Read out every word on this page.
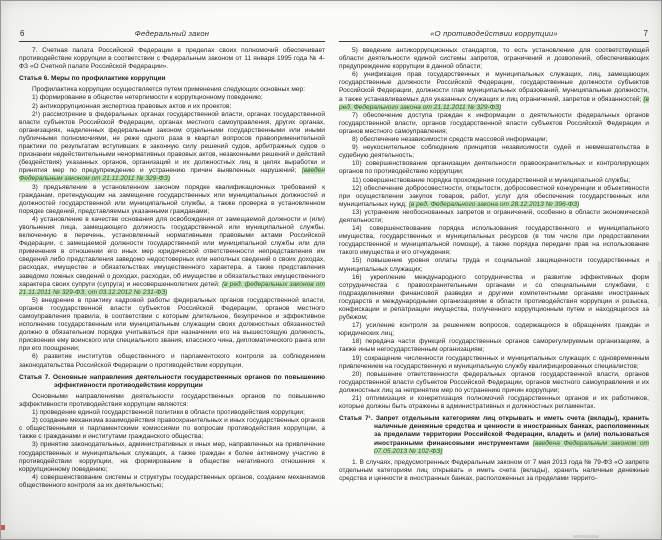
6	Федеральный закон

7. Счетная палата Российской Федерации в пределах своих полномочий обеспечивает противодействие коррупции в соответствии с Федеральным законом от 11 января 1995 года № 4-ФЗ «О Счетной палате Российской Федерации».

Статья 6. Меры по профилактике коррупции

Профилактика коррупции осуществляется путем применения следующих основных мер:

1) формирование в обществе нетерпимости к коррупционному поведению;

2) антикоррупционная экспертиза правовых актов и их проектов;

2¹) рассмотрение в федеральных органах государственной власти, органах государственной власти субъектов Российской Федерации, органах местного самоуправления, других органах, организациях, наделенных федеральным законом отдельными государственными или иными публичными полномочиями, не реже одного раза в квартал вопросов правоприменительной практики по результатам вступивших в законную силу решений судов, арбитражных судов о признании недействительными ненормативных правовых актов, незаконными решений и действий (бездействия) указанных органов, организаций и их должностных лиц в целях выработки и принятия мер по предупреждению и устранению причин выявленных нарушений; (введен Федеральным законом от 21.11.2011 № 329-ФЗ)

3) предъявление в установленном законом порядке квалификационных требований к гражданам, претендующим на замещение государственных или муниципальных должностей и должностей государственной или муниципальной службы, а также проверка в установленном порядке сведений, представляемых указанными гражданами;

4) установление в качестве основания для освобождения от замещаемой должности и (или) увольнения лица, замещающего должность государственной или муниципальной службы, включенную в перечень, установленный нормативными правовыми актами Российской Федерации, с замещаемой должности государственной или муниципальной службы или для применения в отношении его иных мер юридической ответственности непредставления им сведений либо представления заведомо недостоверных или неполных сведений о своих доходах, расходах, имуществе и обязательствах имущественного характера, а также представления заведомо ложных сведений о доходах, расходах, об имуществе и обязательствах имущественного характера своих супруги (супруга) и несовершеннолетних детей; (в ред. федеральных законов от 21.11.2011 № 329-ФЗ, от 03.12.2012 № 231-ФЗ)

5) внедрение в практику кадровой работы федеральных органов государственной власти, органов государственной власти субъектов Российской Федерации, органов местного самоуправления правила, в соответствии с которым длительное, безупречное и эффективное исполнение государственным или муниципальным служащим своих должностных обязанностей должно в обязательном порядке учитываться при назначении его на вышестоящую должность, присвоении ему воинского или специального звания, классного чина, дипломатического ранга или при его поощрении;

6) развитие институтов общественного и парламентского контроля за соблюдением законодательства Российской Федерации о противодействии коррупции.

Статья 7. Основные направления деятельности государственных органов по повышению эффективности противодействия коррупции

Основными направлениями деятельности государственных органов по повышению эффективности противодействия коррупции являются:

1) проведение единой государственной политики в области противодействия коррупции;

2) создание механизма взаимодействия правоохранительных и иных государственных органов с общественными и парламентскими комиссиями по вопросам противодействия коррупции, а также с гражданами и институтами гражданского общества;

3) принятие законодательных, административных и иных мер, направленных на привлечение государственных и муниципальных служащих, а также граждан к более активному участию в противодействии коррупции, на формирование в обществе негативного отношения к коррупционному поведению;

4) совершенствование системы и структуры государственных органов, создание механизмов общественного контроля за их деятельностью;

«О противодействии коррупции»	7

5) введение антикоррупционных стандартов, то есть установление для соответствующей области деятельности единой системы запретов, ограничений и дозволений, обеспечивающих предупреждение коррупции в данной области;

6) унификация прав государственных и муниципальных служащих, лиц, замещающих государственные должности Российской Федерации, государственные должности субъектов Российской Федерации, должности глав муниципальных образований, муниципальные должности, а также устанавливаемых для указанных служащих и лиц ограничений, запретов и обязанностей; (в ред. Федерального закона от 21.11.2011 № 329-ФЗ)

7) обеспечение доступа граждан к информации о деятельности федеральных органов государственной власти, органов государственной власти субъектов Российской Федерации и органов местного самоуправления;

8) обеспечение независимости средств массовой информации;

9) неукоснительное соблюдение принципов независимости судей и невмешательства в судебную деятельность;

10) совершенствование организации деятельности правоохранительных и контролирующих органов по противодействию коррупции;

11) совершенствование порядка прохождения государственной и муниципальной службы;

12) обеспечение добросовестности, открытости, добросовестной конкуренции и объективности при осуществлении закупок товаров, работ, услуг для обеспечения государственных или муниципальных нужд; (в ред. Федерального закона от 28.12.2013 № 396-ФЗ)

13) устранение необоснованных запретов и ограничений, особенно в области экономической деятельности;

14) совершенствование порядка использования государственного и муниципального имущества, государственных и муниципальных ресурсов (в том числе при предоставлении государственной и муниципальной помощи), а также порядка передачи прав на использование такого имущества и его отчуждения;

15) повышение уровня оплаты труда и социальной защищенности государственных и муниципальных служащих;

16) укрепление международного сотрудничества и развитие эффективных форм сотрудничества с правоохранительными органами и со специальными службами, с подразделениями финансовой разведки и другими компетентными органами иностранных государств и международными организациями в области противодействия коррупции и розыска, конфискации и репатриации имущества, полученного коррупционным путем и находящегося за рубежом;

17) усиление контроля за решением вопросов, содержащихся в обращениях граждан и юридических лиц;

18) передача части функций государственных органов саморегулируемым организациям, а также иным негосударственным организациям;

19) сокращение численности государственных и муниципальных служащих с одновременным привлечением на государственную и муниципальную службу квалифицированных специалистов;

20) повышение ответственности федеральных органов государственной власти, органов государственной власти субъектов Российской Федерации, органов местного самоуправления и их должностных лиц за непринятие мер по устранению причин коррупции;

21) оптимизация и конкретизация полномочий государственных органов и их работников, которые должны быть отражены в административных и должностных регламентах.

Статья 7¹. Запрет отдельным категориям лиц открывать и иметь счета (вклады), хранить наличные денежные средства и ценности в иностранных банках, расположенных за пределами территории Российской Федерации, владеть и (или) пользоваться иностранными финансовыми инструментами (введена Федеральным законом от 07.05.2013 № 102-ФЗ)

1. В случаях, предусмотренных Федеральным законом от 7 мая 2013 года № 79-ФЗ «О запрете отдельным категориям лиц открывать и иметь счета (вклады), хранить наличные денежные средства и ценности в иностранных банках, расположенных за пределами террито-
